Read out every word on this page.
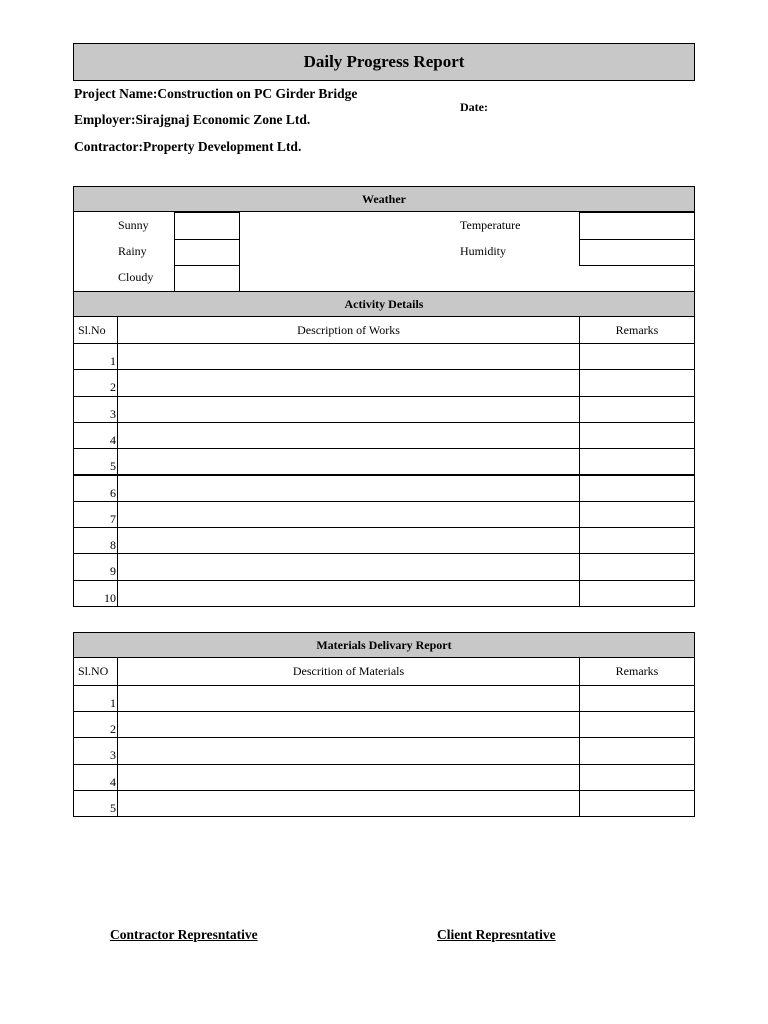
Daily Progress Report
Project Name:Construction on PC Girder Bridge
Employer:Sirajgnaj Economic Zone Ltd.
Contractor:Property Development Ltd.
Date:
Weather
Sunny
Rainy
Cloudy
Temperature
Humidity
Activity Details
Sl.No	Description of Works	Remarks
1
2
3
4
5
6
7
8
9
10
Materials Delivary Report
Sl.NO	Descrition of Materials	Remarks
1
2
3
4
5
Contractor Represntative	Client Represntative
